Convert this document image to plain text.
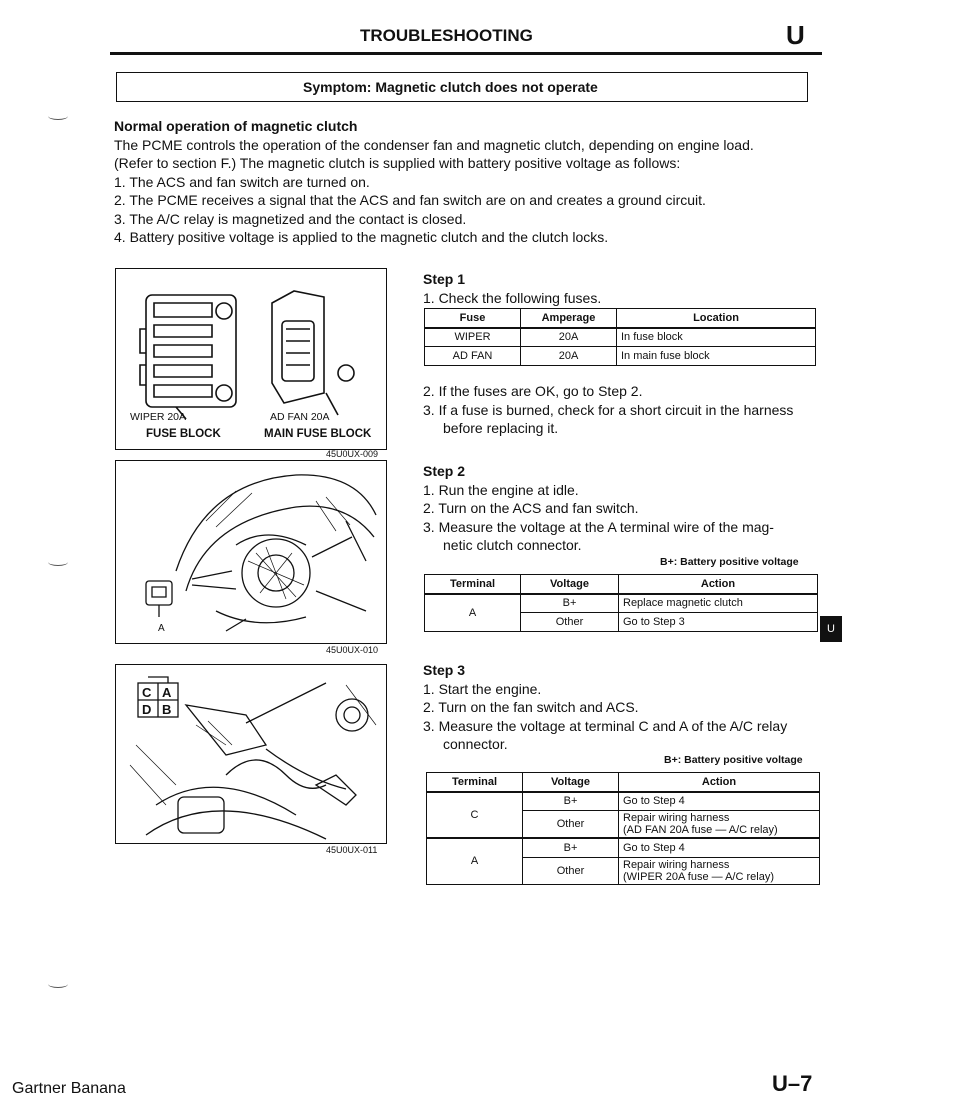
TROUBLESHOOTING	U
Symptom: Magnetic clutch does not operate
Normal operation of magnetic clutch
The PCME controls the operation of the condenser fan and magnetic clutch, depending on engine load.
(Refer to section F.) The magnetic clutch is supplied with battery positive voltage as follows:
1. The ACS and fan switch are turned on.
2. The PCME receives a signal that the ACS and fan switch are on and creates a ground circuit.
3. The A/C relay is magnetized and the contact is closed.
4. Battery positive voltage is applied to the magnetic clutch and the clutch locks.
WIPER 20A	AD FAN 20A
FUSE BLOCK	MAIN FUSE BLOCK
45U0UX-009
A
45U0UX-010
C A
D B
45U0UX-011
Step 1
1. Check the following fuses.
Fuse	Amperage	Location
WIPER	20A	In fuse block
AD FAN	20A	In main fuse block
2. If the fuses are OK, go to Step 2.
3. If a fuse is burned, check for a short circuit in the harness
before replacing it.
Step 2
1. Run the engine at idle.
2. Turn on the ACS and fan switch.
3. Measure the voltage at the A terminal wire of the mag-
netic clutch connector.
B+: Battery positive voltage
Terminal	Voltage	Action
A	B+	Replace magnetic clutch
	Other	Go to Step 3
Step 3
1. Start the engine.
2. Turn on the fan switch and ACS.
3. Measure the voltage at terminal C and A of the A/C relay
connector.
B+: Battery positive voltage
Terminal	Voltage	Action
C	B+	Go to Step 4
	Other	Repair wiring harness
(AD FAN 20A fuse — A/C relay)

A	B+	Go to Step 4
	Other	Repair wiring harness
(WIPER 20A fuse — A/C relay)
U
Gartner Banana	U–7
